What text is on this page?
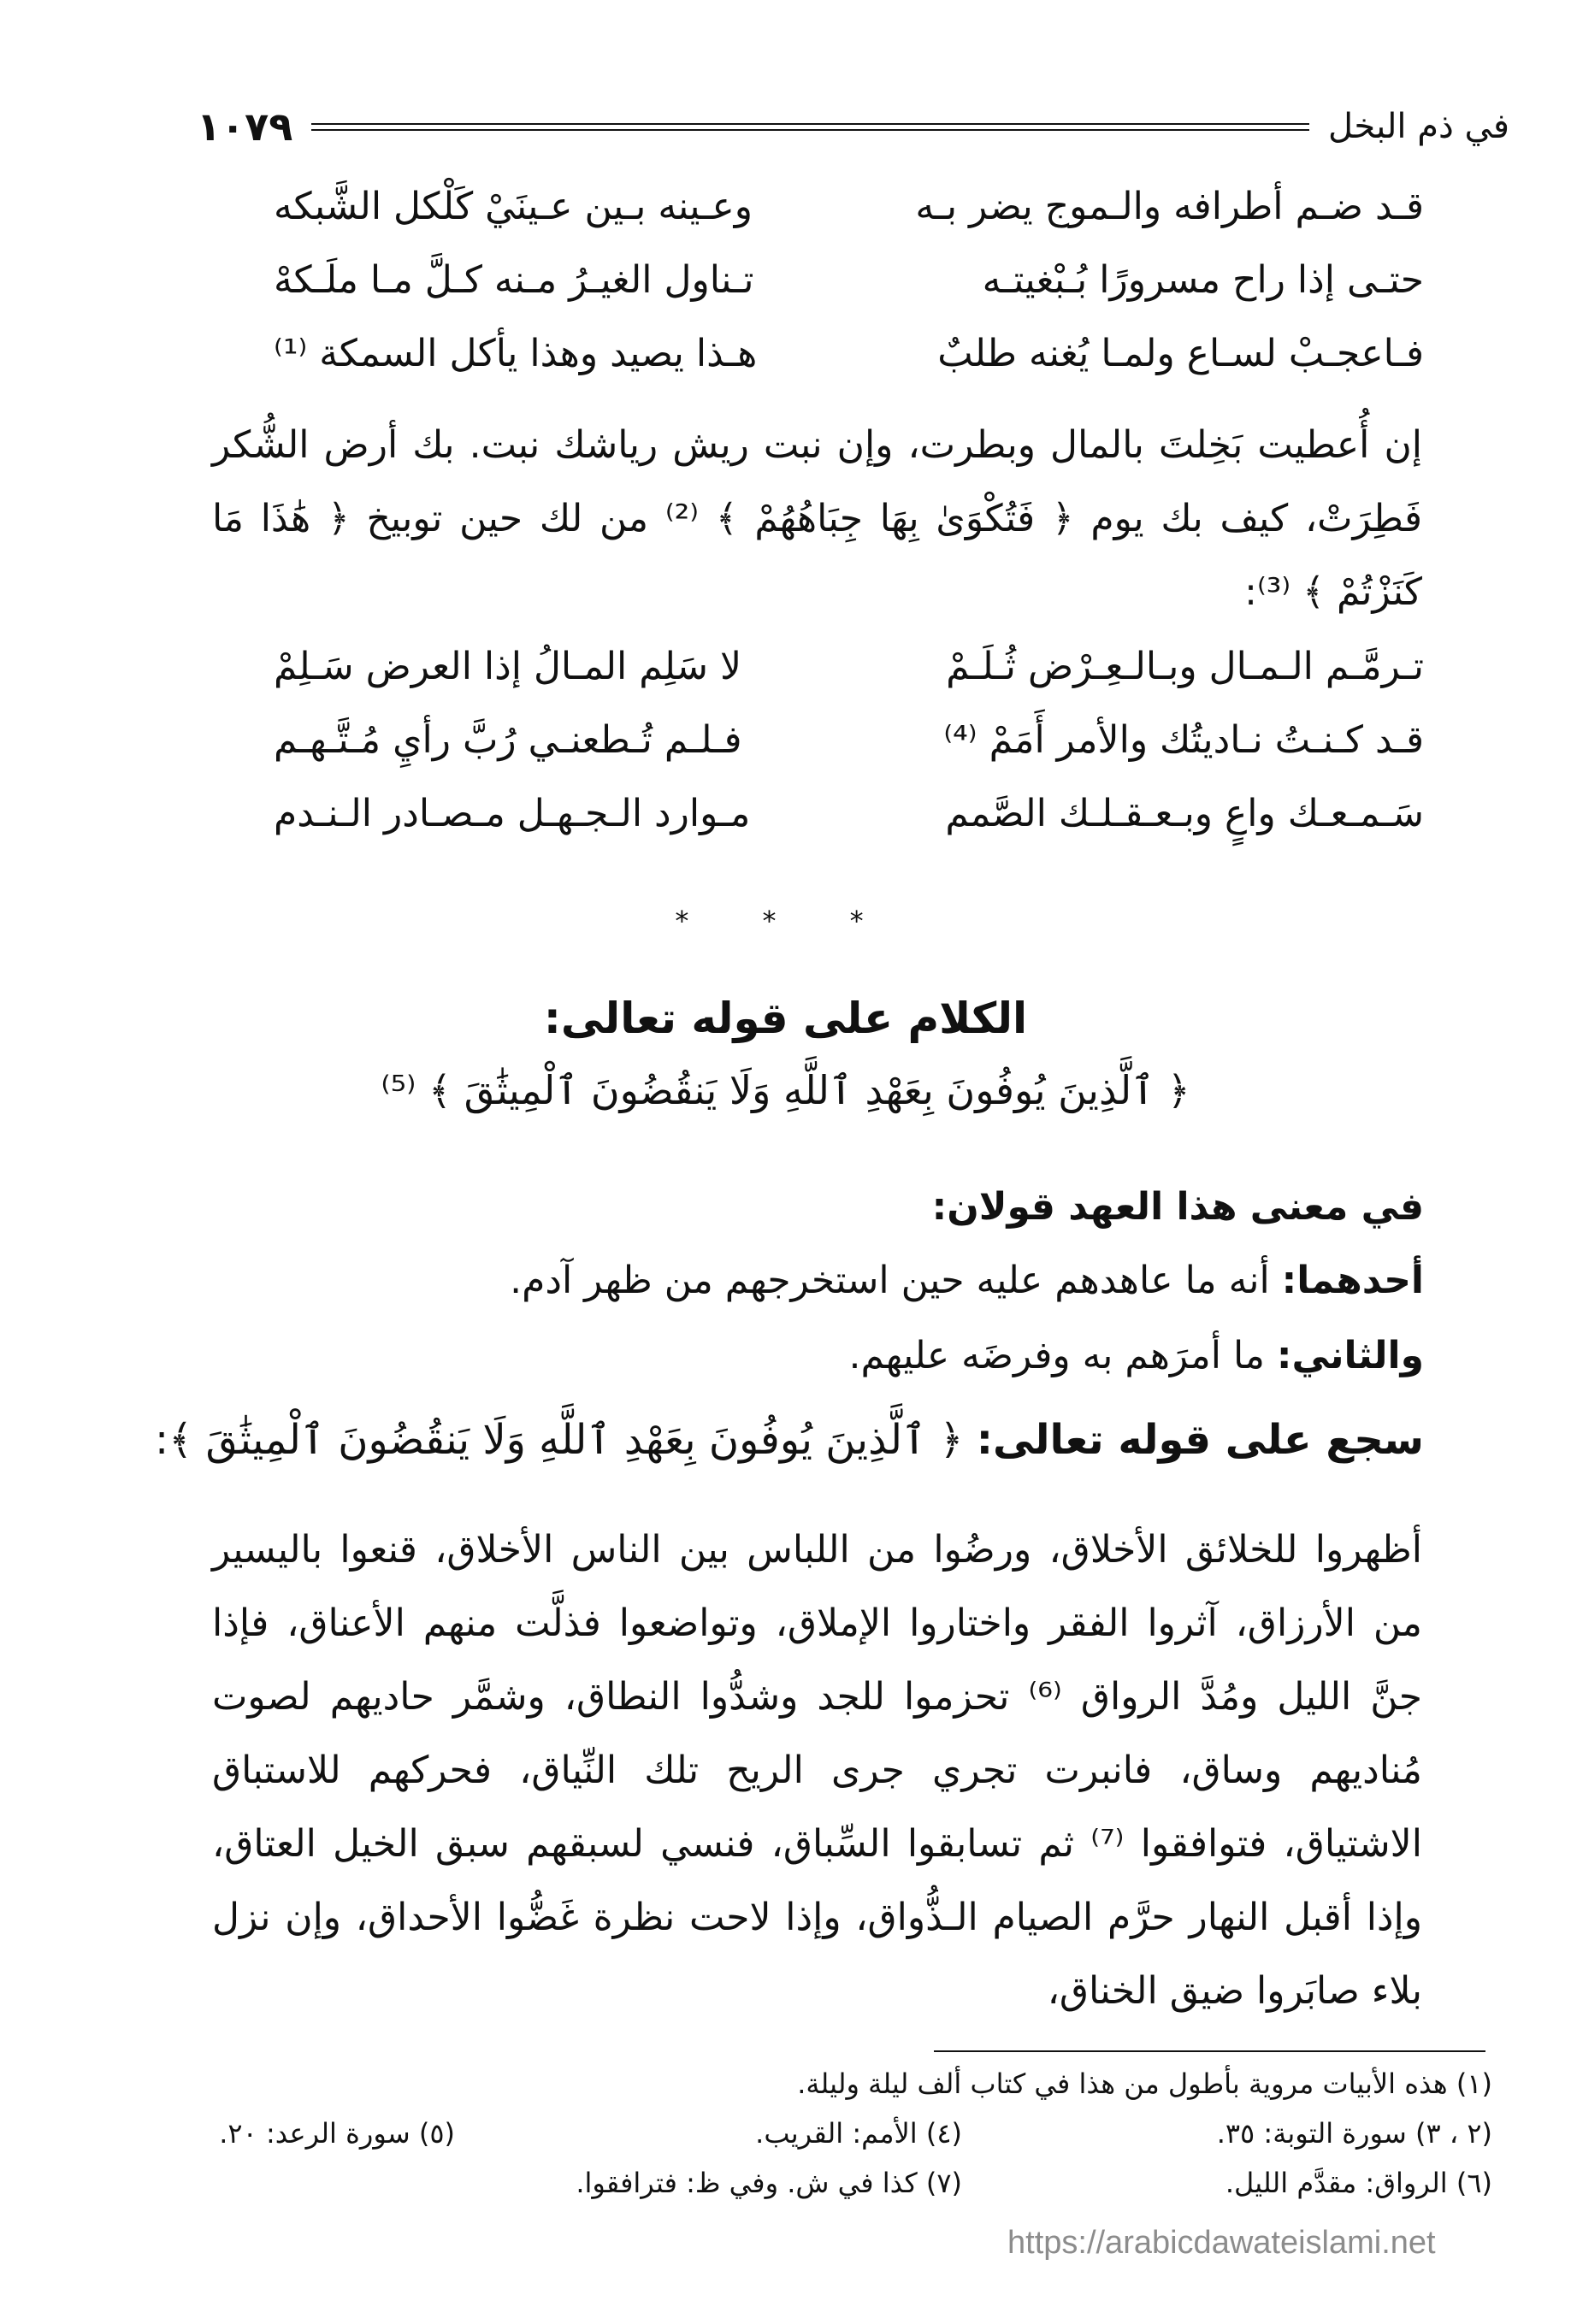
في ذم البخل
١٠٧٩
قـد ضـم أطرافه والـموج يضر بـه
وعـينه بـين عـينَيْ كَلْكل الشَّبكه
حتـى إذا راح مسرورًا بُـبْغيتـه
تـناول الغيـرُ مـنه كـلَّ مـا ملَـكهْ
فـاعجـبْ لسـاع ولمـا يُغنه طلبٌ
هـذا يصيد وهذا يأكل السمكة ⁽¹⁾
إن أُعطيت بَخِلتَ بالمال وبطرت، وإن نبت ريش رياشك نبت. بك أرض الشُّكر فَطِرَتْ، كيف بك يوم ﴿ فَتُكْوَىٰ بِهَا جِبَاهُهُمْ ﴾ ⁽²⁾ من لك حين توبيخ ﴿ هَٰذَا مَا كَنَزْتُمْ ﴾ ⁽³⁾:
تـرمَّـم الـمـال وبـالـعِـرْض ثُـلَـمْ
لا سَلِم المـالُ إذا العرض سَـلِمْ
قـد كـنـتُ نـاديتُك والأمر أَمَمْ ⁽⁴⁾
فـلـم تُـطعنـي رُبَّ رأيِ مُـتَّـهـم
سَـمـعـك واعٍ وبـعـقـلـك الصَّمم
مـوارد الـجـهـل مـصـادر الـنـدم
* * *
الكلام على قوله تعالى:
﴿ ٱلَّذِينَ يُوفُونَ بِعَهْدِ ٱللَّهِ وَلَا يَنقُضُونَ ٱلْمِيثَٰقَ ﴾ ⁽⁵⁾
في معنى هذا العهد قولان:
أحدهما: أنه ما عاهدهم عليه حين استخرجهم من ظهر آدم.
والثاني: ما أمرَهم به وفرضَه عليهم.
سجع على قوله تعالى: ﴿ ٱلَّذِينَ يُوفُونَ بِعَهْدِ ٱللَّهِ وَلَا يَنقُضُونَ ٱلْمِيثَٰقَ ﴾:
أظهروا للخلائق الأخلاق، ورضُوا من اللباس بين الناس الأخلاق، قنعوا باليسير من الأرزاق، آثروا الفقر واختاروا الإملاق، وتواضعوا فذلَّت منهم الأعناق، فإذا جنَّ الليل ومُدَّ الرواق ⁽⁶⁾ تحزموا للجد وشدُّوا النطاق، وشمَّر حاديهم لصوت مُناديهم وساق، فانبرت تجري جرى الريح تلك النِّياق، فحركهم للاستباق الاشتياق، فتوافقوا ⁽⁷⁾ ثم تسابقوا السِّباق، فنسي لسبقهم سبق الخيل العتاق، وإذا أقبل النهار حرَّم الصيام الـذُّواق، وإذا لاحت نظرة غَضُّوا الأحداق، وإن نزل بلاء صابَروا ضيق الخناق،
(١) هذه الأبيات مروية بأطول من هذا في كتاب ألف ليلة وليلة.
(٢ ، ٣) سورة التوبة: ٣٥.
(٤) الأمم: القريب.
(٥) سورة الرعد: ٢٠.
(٦) الرواق: مقدَّم الليل.
(٧) كذا في ش. وفي ظ: فترافقوا.
https://arabicdawateislami.net
